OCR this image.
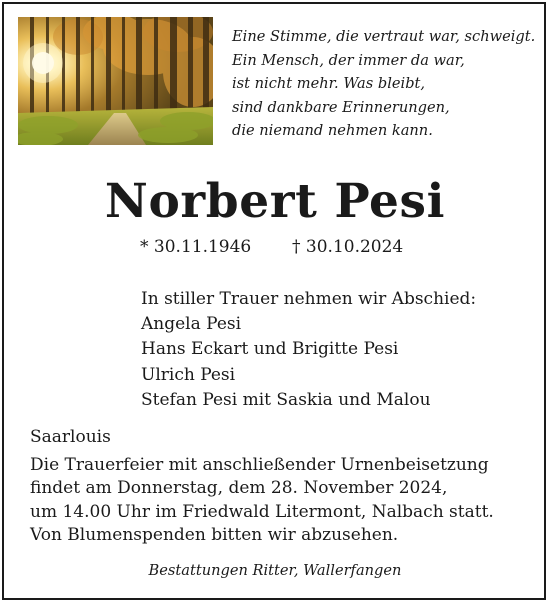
Eine Stimme, die vertraut war, schweigt.
Ein Mensch, der immer da war,
ist nicht mehr. Was bleibt,
sind dankbare Erinnerungen,
die niemand nehmen kann.
Norbert Pesi
* 30.11.1946 † 30.10.2024
In stiller Trauer nehmen wir Abschied:
Angela Pesi
Hans Eckart und Brigitte Pesi
Ulrich Pesi
Stefan Pesi mit Saskia und Malou
Saarlouis
Die Trauerfeier mit anschließender Urnenbeisetzung
findet am Donnerstag, dem 28. November 2024,
um 14.00 Uhr im Friedwald Litermont, Nalbach statt.
Von Blumenspenden bitten wir abzusehen.
Bestattungen Ritter, Wallerfangen
